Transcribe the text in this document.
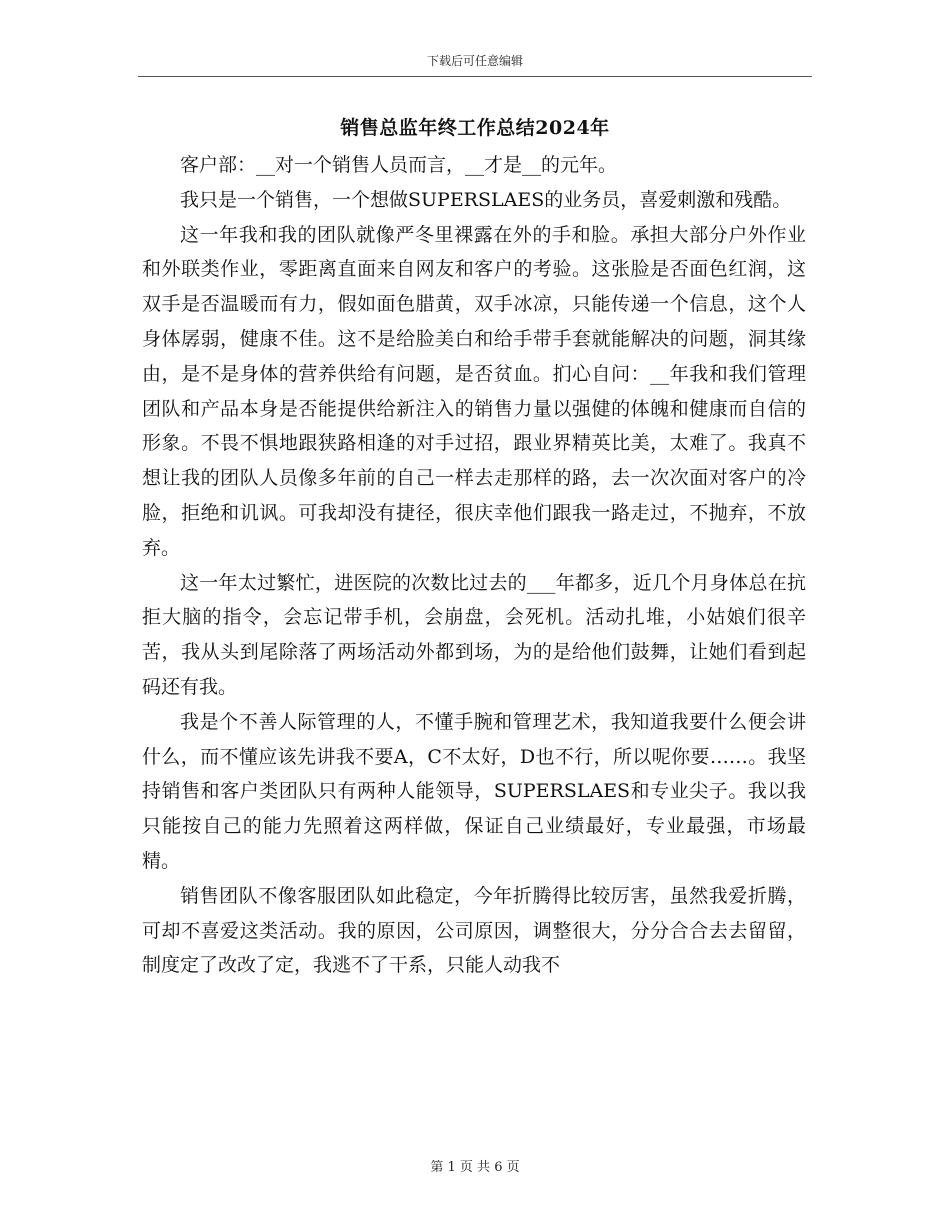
下载后可任意编辑
销售总监年终工作总结2024年

客户部：__对一个销售人员而言，__才是__的元年。

我只是一个销售，一个想做SUPERSLAES的业务员，喜爱刺激和残酷。

这一年我和我的团队就像严冬里裸露在外的手和脸。承担大部分户外作业和外联类作业，零距离直面来自网友和客户的考验。这张脸是否面色红润，这双手是否温暖而有力，假如面色腊黄，双手冰凉，只能传递一个信息，这个人身体孱弱，健康不佳。这不是给脸美白和给手带手套就能解决的问题，洞其缘由，是不是身体的营养供给有问题，是否贫血。扪心自问：__年我和我们管理团队和产品本身是否能提供给新注入的销售力量以强健的体魄和健康而自信的形象。不畏不惧地跟狭路相逢的对手过招，跟业界精英比美，太难了。我真不想让我的团队人员像多年前的自己一样去走那样的路，去一次次面对客户的冷脸，拒绝和讥讽。可我却没有捷径，很庆幸他们跟我一路走过，不抛弃，不放弃。

这一年太过繁忙，进医院的次数比过去的___年都多，近几个月身体总在抗拒大脑的指令，会忘记带手机，会崩盘，会死机。活动扎堆，小姑娘们很辛苦，我从头到尾除落了两场活动外都到场，为的是给他们鼓舞，让她们看到起码还有我。

我是个不善人际管理的人，不懂手腕和管理艺术，我知道我要什么便会讲什么，而不懂应该先讲我不要A，C不太好，D也不行，所以呢你要……。我坚持销售和客户类团队只有两种人能领导，SUPERSLAES和专业尖子。我以我只能按自己的能力先照着这两样做，保证自己业绩最好，专业最强，市场最精。

销售团队不像客服团队如此稳定，今年折腾得比较厉害，虽然我爱折腾，可却不喜爱这类活动。我的原因，公司原因，调整很大，分分合合去去留留，制度定了改改了定，我逃不了干系，只能人动我不

第 1 页 共 6 页
